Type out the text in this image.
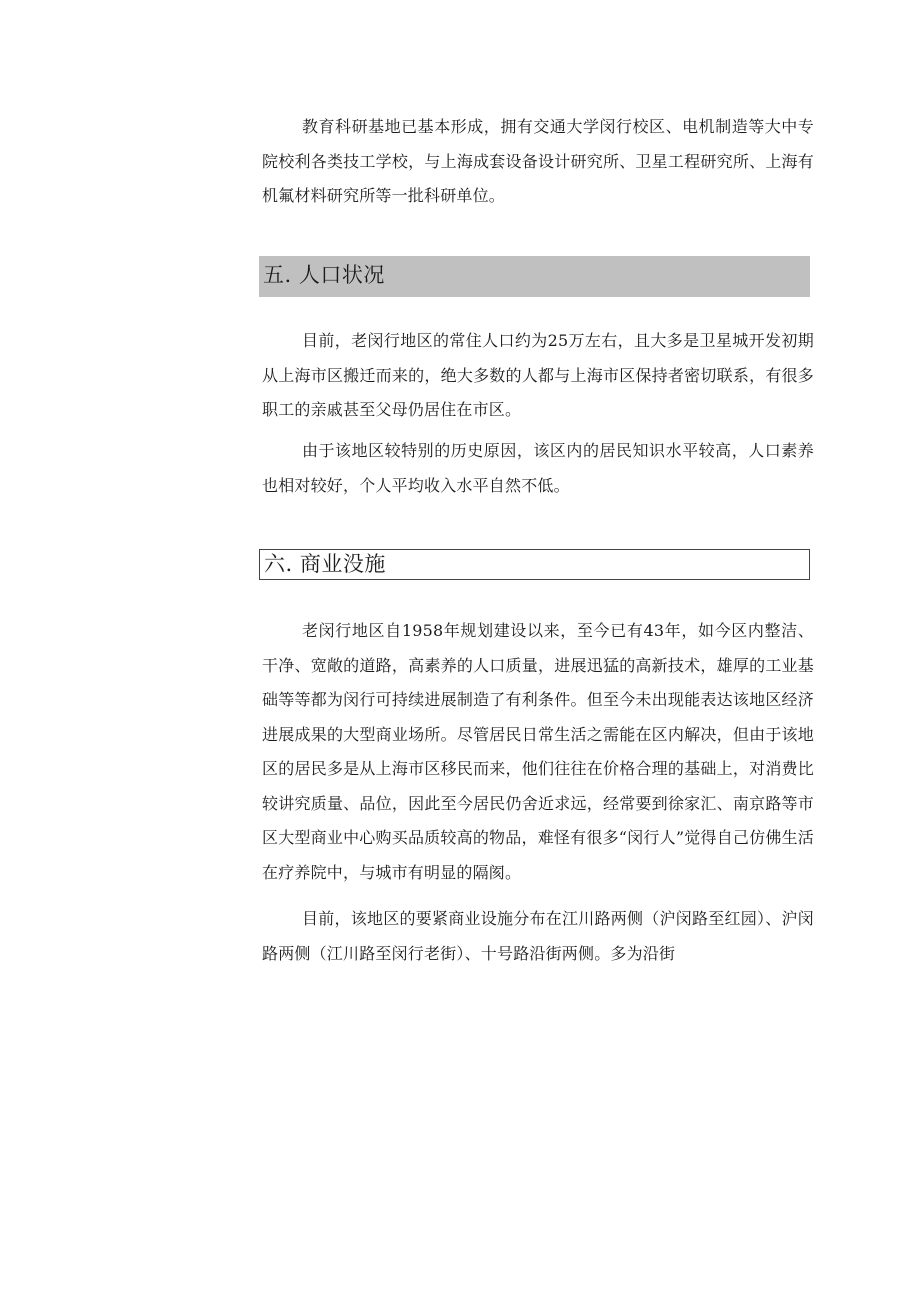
教育科研基地已基本形成，拥有交通大学闵行校区、电机制造等大中专院校利各类技工学校，与上海成套设备设计研究所、卫星工程研究所、上海有机氟材料研究所等一批科研单位。

五. 人口状况

目前，老闵行地区的常住人口约为25万左右，且大多是卫星城开发初期从上海市区搬迁而来的，绝大多数的人都与上海市区保持者密切联系，有很多职工的亲戚甚至父母仍居住在市区。

由于该地区较特别的历史原因，该区内的居民知识水平较高，人口素养也相对较好，个人平均收入水平自然不低。

六. 商业没施

老闵行地区自1958年规划建设以来，至今已有43年，如今区内整洁、干净、宽敞的道路，高素养的人口质量，进展迅猛的高新技术，雄厚的工业基础等等都为闵行可持续进展制造了有利条件。但至今未出现能表达该地区经济进展成果的大型商业场所。尽管居民日常生活之需能在区内解决，但由于该地区的居民多是从上海市区移民而来，他们往往在价格合理的基础上，对消费比较讲究质量、品位，因此至今居民仍舍近求远，经常要到徐家汇、南京路等市区大型商业中心购买品质较高的物品，难怪有很多“闵行人”觉得自己仿佛生活在疗养院中，与城市有明显的隔阂。

目前，该地区的要紧商业设施分布在江川路两侧（沪闵路至红园）、沪闵路两侧（江川路至闵行老街）、十号路沿街两侧。多为沿街
